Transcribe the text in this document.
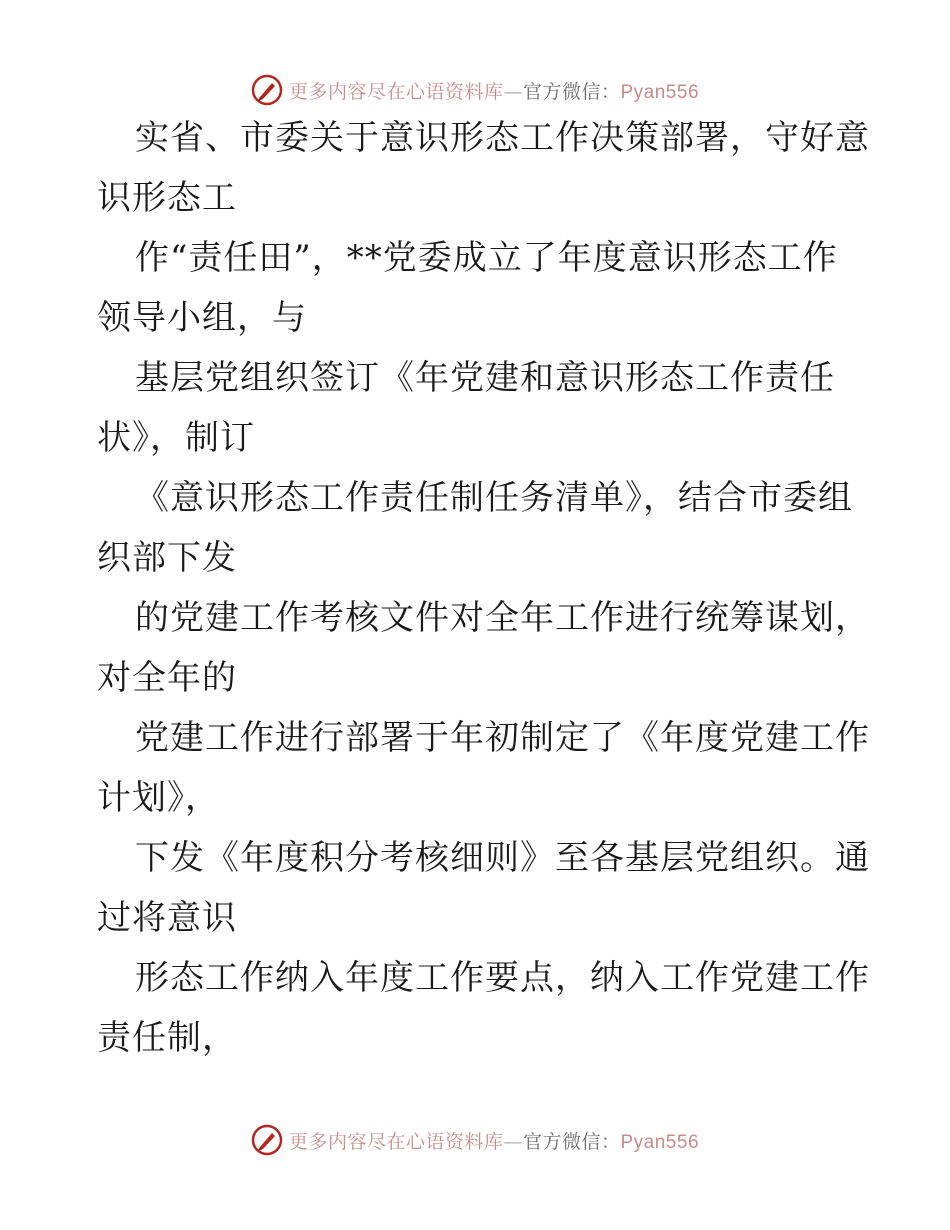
更多内容尽在心语资料库—官方微信：Pyan556
实省、市委关于意识形态工作决策部署，守好意
识形态工
作“责任田”，**党委成立了年度意识形态工作
领导小组，与
基层党组织签订《年党建和意识形态工作责任
状》，制订
《意识形态工作责任制任务清单》，结合市委组
织部下发
的党建工作考核文件对全年工作进行统筹谋划，
对全年的
党建工作进行部署于年初制定了《年度党建工作
计划》，
下发《年度积分考核细则》至各基层党组织。通
过将意识
形态工作纳入年度工作要点，纳入工作党建工作
责任制，
更多内容尽在心语资料库—官方微信：Pyan556
